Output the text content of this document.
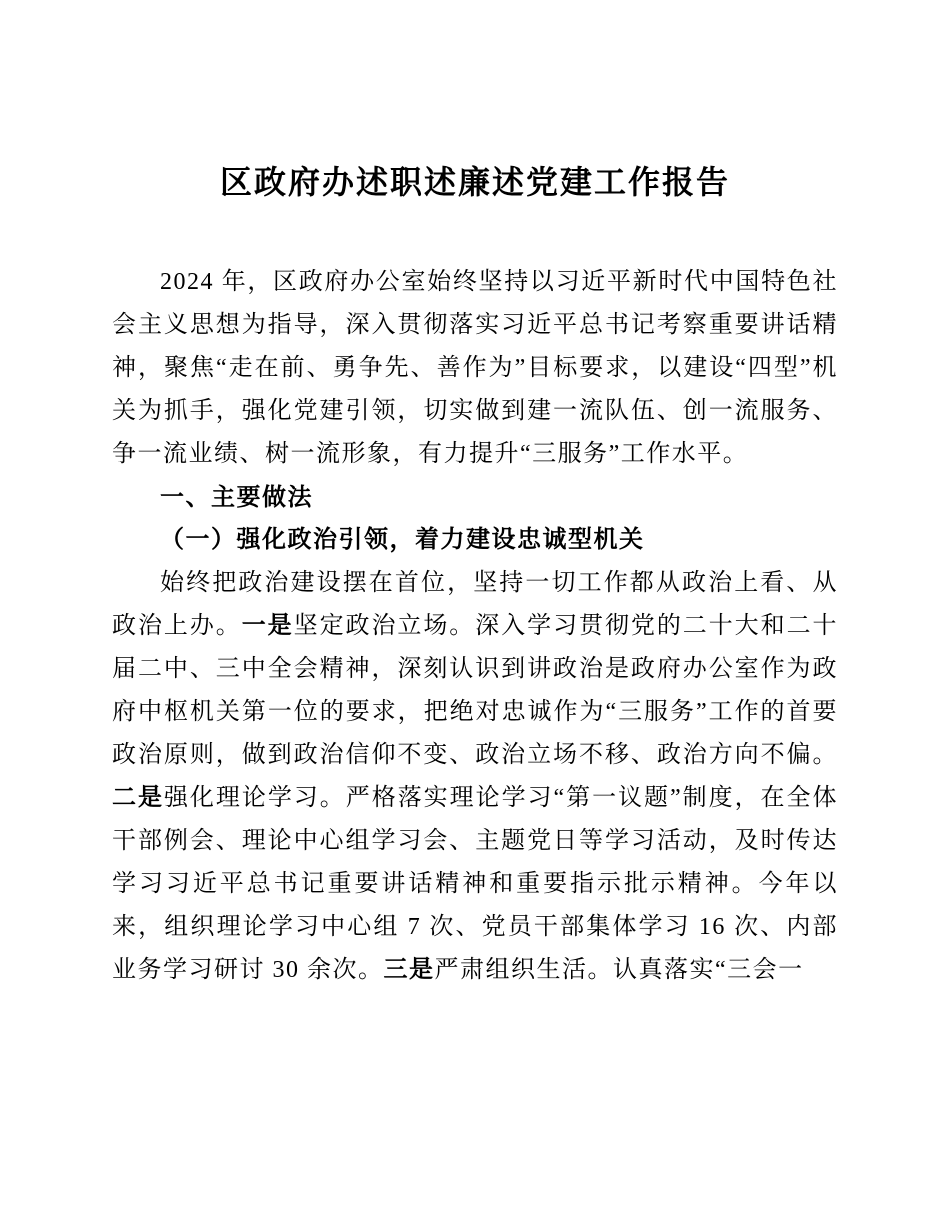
区政府办述职述廉述党建工作报告

2024 年，区政府办公室始终坚持以习近平新时代中国特色社会主义思想为指导，深入贯彻落实习近平总书记考察重要讲话精神，聚焦“走在前、勇争先、善作为”目标要求，以建设“四型”机关为抓手，强化党建引领，切实做到建一流队伍、创一流服务、争一流业绩、树一流形象，有力提升“三服务”工作水平。

一、主要做法

（一）强化政治引领，着力建设忠诚型机关

始终把政治建设摆在首位，坚持一切工作都从政治上看、从政治上办。一是坚定政治立场。深入学习贯彻党的二十大和二十届二中、三中全会精神，深刻认识到讲政治是政府办公室作为政府中枢机关第一位的要求，把绝对忠诚作为“三服务”工作的首要政治原则，做到政治信仰不变、政治立场不移、政治方向不偏。二是强化理论学习。严格落实理论学习“第一议题”制度，在全体干部例会、理论中心组学习会、主题党日等学习活动，及时传达学习习近平总书记重要讲话精神和重要指示批示精神。今年以来，组织理论学习中心组 7 次、党员干部集体学习 16 次、内部业务学习研讨 30 余次。三是严肃组织生活。认真落实“三会一
